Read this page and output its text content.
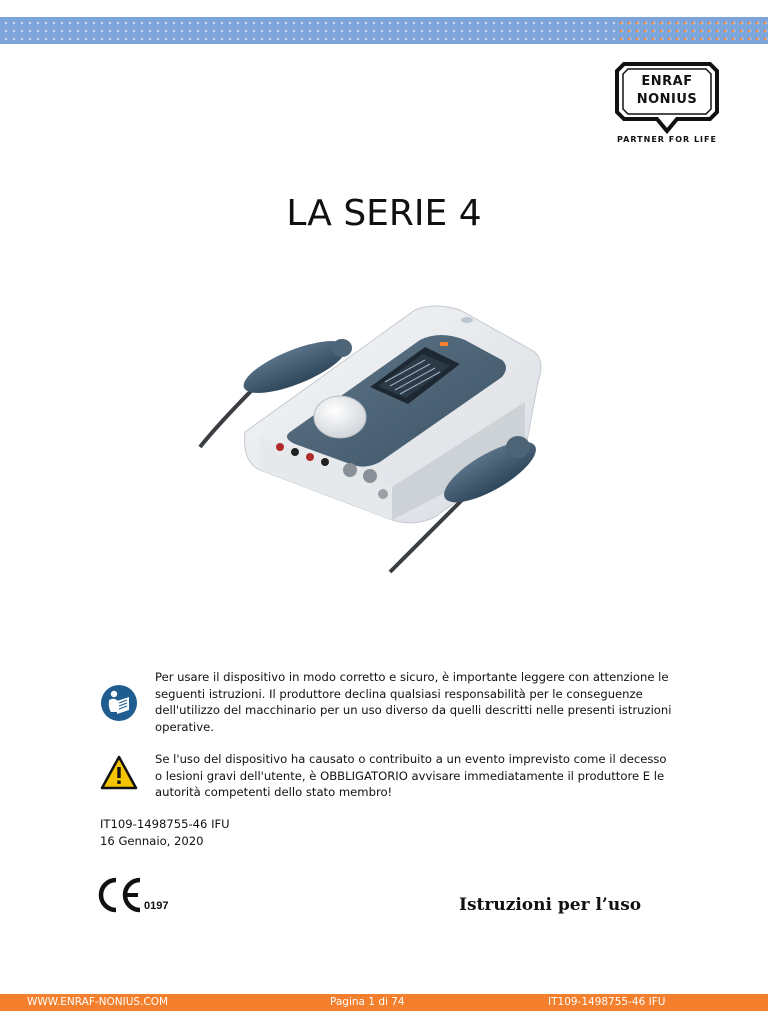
ENRAF
NONIUS
PARTNER FOR LIFE
LA SERIE 4

Per usare il dispositivo in modo corretto e sicuro, è importante leggere con attenzione le seguenti istruzioni. Il produttore declina qualsiasi responsabilità per le conseguenze dell'utilizzo del macchinario per un uso diverso da quelli descritti nelle presenti istruzioni operative.

Se l'uso del dispositivo ha causato o contribuito a un evento imprevisto come il decesso o lesioni gravi dell'utente, è OBBLIGATORIO avvisare immediatamente il produttore E le autorità competenti dello stato membro!

IT109-1498755-46 IFU
16 Gennaio, 2020
0197	Istruzioni per l’uso
WWW.ENRAF-NONIUS.COM	Pagina 1 di 74	IT109-1498755-46 IFU
